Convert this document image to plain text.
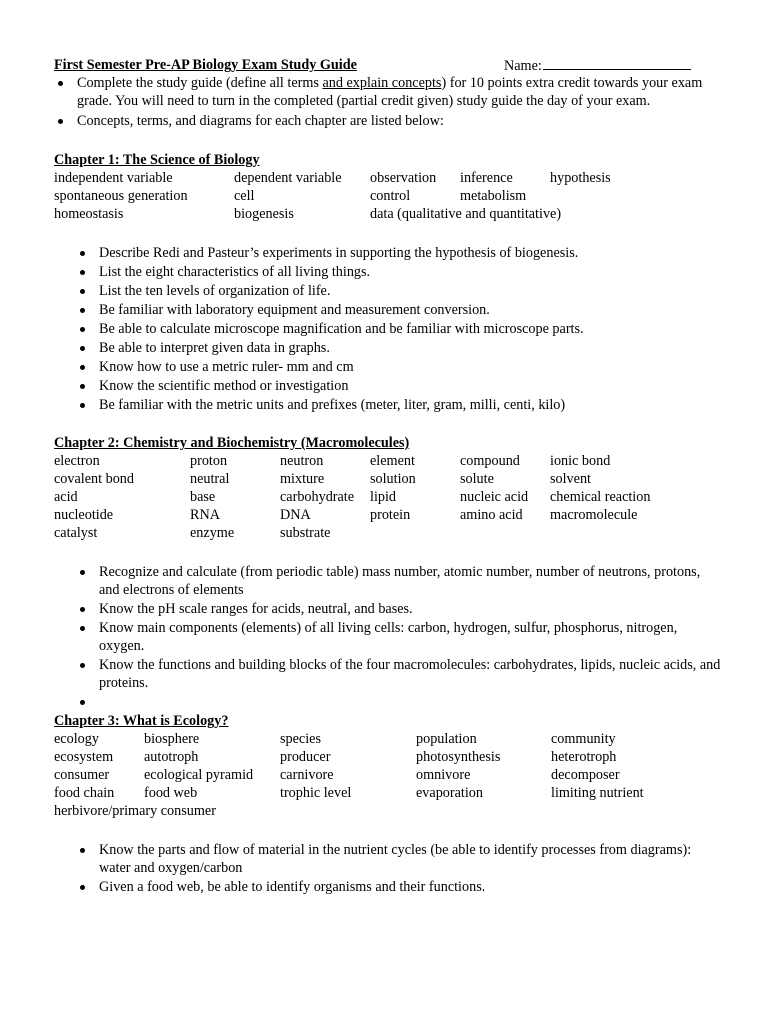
First Semester Pre-AP Biology Exam Study Guide	Name:
Complete the study guide (define all terms and explain concepts) for 10 points extra credit towards your exam grade. You will need to turn in the completed (partial credit given) study guide the day of your exam.
Concepts, terms, and diagrams for each chapter are listed below:
Chapter 1: The Science of Biology
independent variable	dependent variable	observation	inference	hypothesis
spontaneous generation	cell	control	metabolism
homeostasis	biogenesis	data (qualitative and quantitative)
Describe Redi and Pasteur’s experiments in supporting the hypothesis of biogenesis.
List the eight characteristics of all living things.
List the ten levels of organization of life.
Be familiar with laboratory equipment and measurement conversion.
Be able to calculate microscope magnification and be familiar with microscope parts.
Be able to interpret given data in graphs.
Know how to use a metric ruler- mm and cm
Know the scientific method or investigation
Be familiar with the metric units and prefixes (meter, liter, gram, milli, centi, kilo)
Chapter 2: Chemistry and Biochemistry (Macromolecules)
electron	proton	neutron	element	compound	ionic bond
covalent bond	neutral	mixture	solution	solute	solvent
acid	base	carbohydrate	lipid	nucleic acid	chemical reaction
nucleotide	RNA	DNA	protein	amino acid	macromolecule
catalyst	enzyme	substrate
Recognize and calculate (from periodic table) mass number, atomic number, number of neutrons, protons, and electrons of elements
Know the pH scale ranges for acids, neutral, and bases.
Know main components (elements) of all living cells: carbon, hydrogen, sulfur, phosphorus, nitrogen, oxygen.
Know the functions and building blocks of the four macromolecules: carbohydrates, lipids, nucleic acids, and proteins.
Chapter 3: What is Ecology?
ecology	biosphere	species	population	community
ecosystem	autotroph	producer	photosynthesis	heterotroph
consumer	ecological pyramid	carnivore	omnivore	decomposer
food chain	food web	trophic level	evaporation	limiting nutrient
herbivore/primary consumer
Know the parts and flow of material in the nutrient cycles (be able to identify processes from diagrams): water and oxygen/carbon
Given a food web, be able to identify organisms and their functions.
